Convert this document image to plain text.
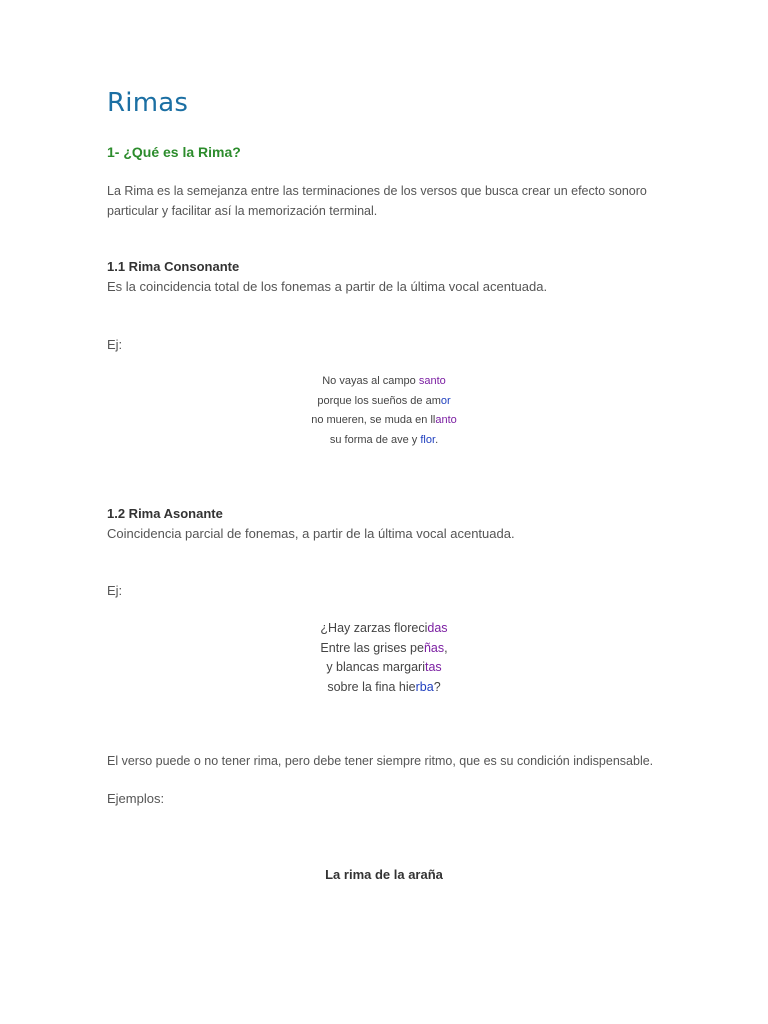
Rimas
1- ¿Qué es la Rima?
La Rima es la semejanza entre las terminaciones de los versos que busca crear un efecto sonoro
particular y facilitar así la memorización terminal.
1.1 Rima Consonante
Es la coincidencia total de los fonemas a partir de la última vocal acentuada.
Ej:
No vayas al campo santo
porque los sueños de amor
no mueren, se muda en llanto
su forma de ave y flor.
1.2 Rima Asonante
Coincidencia parcial de fonemas, a partir de la última vocal acentuada.
Ej:
¿Hay zarzas florecidas
Entre las grises peñas,
y blancas margaritas
sobre la fina hierba?
El verso puede o no tener rima, pero debe tener siempre ritmo, que es su condición indispensable.
Ejemplos:
La rima de la araña
